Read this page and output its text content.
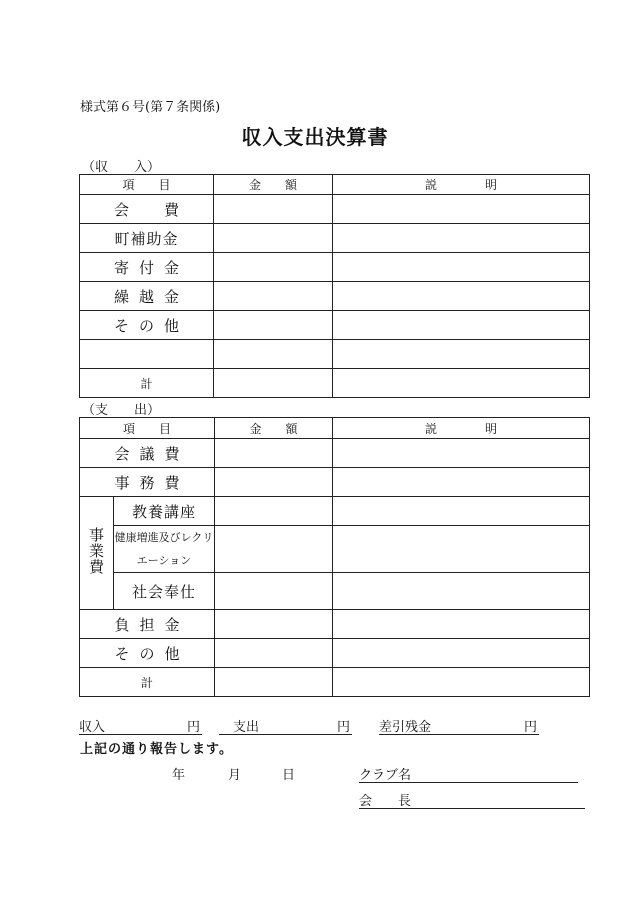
様式第６号(第７条関係)
収入支出決算書
（収　　入）
項　　目	金　　額	説　　　　明
会　費		
町補助金		
寄付金		
繰越金		
その他		

計		
（支　　出）
項　　目		金　　額	説　　　　明
会議費			
事務費			
事業費	教養講座		
	健康増進及びレクリエーション		
	社会奉仕		
負担金			
その他			
計			
収入	円	支出	円 差引残金	円
上記の通り報告します。
年	月	日	クラブ名
会　　長
